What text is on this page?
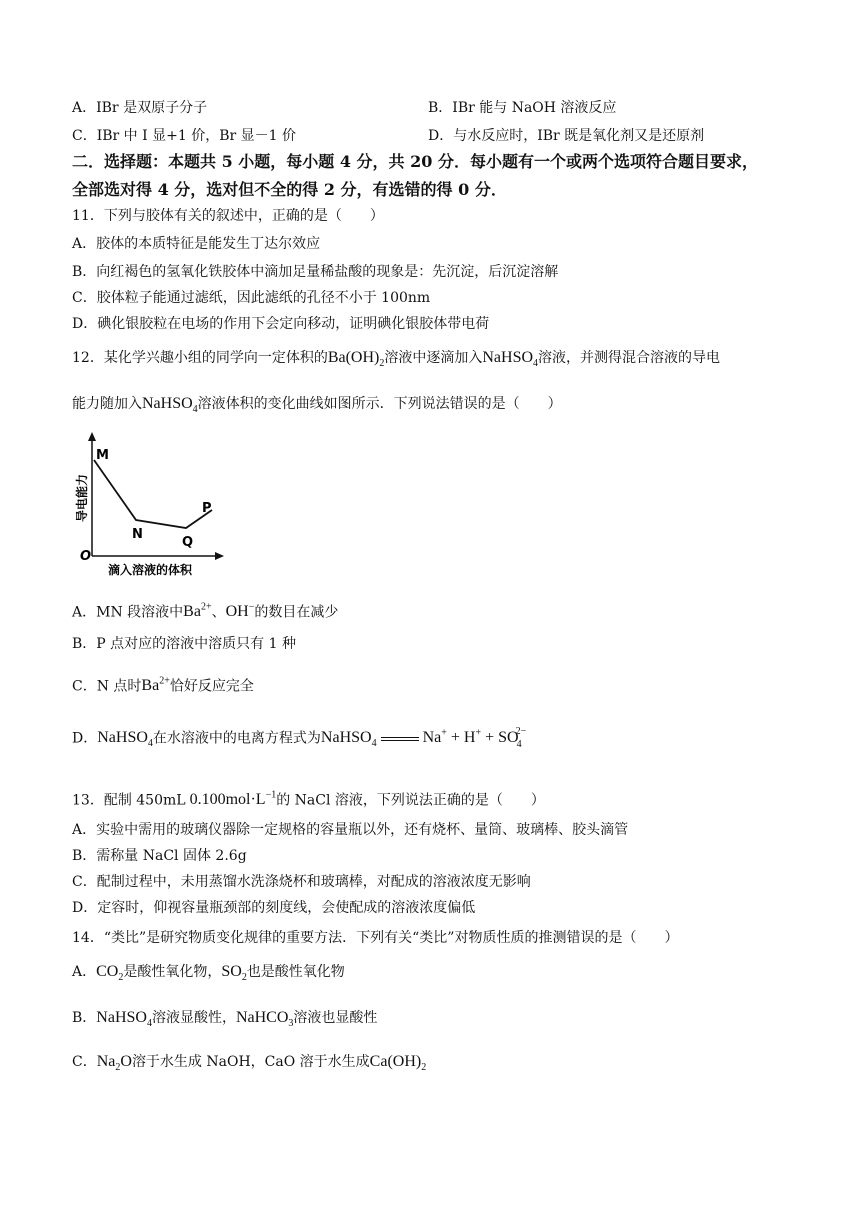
A．IBr 是双原子分子	B．IBr 能与 NaOH 溶液反应
C．IBr 中 I 显+1 价，Br 显－1 价	D．与水反应时，IBr 既是氧化剂又是还原剂
二．选择题：本题共 5 小题，每小题 4 分，共 20 分．每小题有一个或两个选项符合题目要求，
全部选对得 4 分，选对但不全的得 2 分，有选错的得 0 分．
11．下列与胶体有关的叙述中，正确的是（　　）
A．胶体的本质特征是能发生丁达尔效应
B．向红褐色的氢氧化铁胶体中滴加足量稀盐酸的现象是：先沉淀，后沉淀溶解
C．胶体粒子能通过滤纸，因此滤纸的孔径不小于 100nm
D．碘化银胶粒在电场的作用下会定向移动，证明碘化银胶体带电荷
12．某化学兴趣小组的同学向一定体积的$Ba(OH)_2$溶液中逐滴加入NaHSO$_4$溶液，并测得混合溶液的导电
能力随加入NaHSO$_4$溶液体积的变化曲线如图所示．下列说法错误的是（　　）
M
N
Q
P
O
导电能力
滴入溶液的体积
A．MN 段溶液中$Ba^{2+}$、OH−的数目在减少
B．P 点对应的溶液中溶质只有 1 种
C．N 点时$Ba^{2+}$恰好反应完全
D．NaHSO$_4$在水溶液中的电离方程式为NaHSO$_4$	$Na^+ + H^+ + SO_4^{2-}$
13．配制 450mL $0.100mol\cdot L^{-1}$的 NaCl 溶液，下列说法正确的是（　　）
A．实验中需用的玻璃仪器除一定规格的容量瓶以外，还有烧杯、量筒、玻璃棒、胶头滴管
B．需称量 NaCl 固体 2.6g
C．配制过程中，未用蒸馏水洗涤烧杯和玻璃棒，对配成的溶液浓度无影响
D．定容时，仰视容量瓶颈部的刻度线，会使配成的溶液浓度偏低
14．“类比”是研究物质变化规律的重要方法．下列有关“类比”对物质性质的推测错误的是（　　）
A．$CO_2$是酸性氧化物，$SO_2$也是酸性氧化物
B．NaHSO$_4$溶液显酸性，NaHCO$_3$溶液也显酸性
C．$Na_2O$溶于水生成 NaOH，CaO 溶于水生成$Ca(OH)_2$
